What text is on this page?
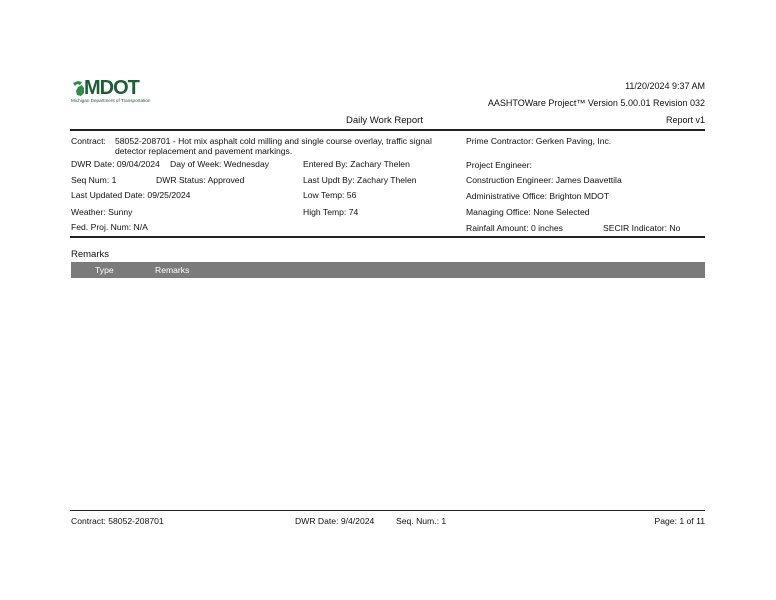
MDOT
Michigan Department of Transportation
11/20/2024 9:37 AM
AASHTOWare Project™ Version 5.00.01 Revision 032
Daily Work Report	Report v1
Contract: 58052-208701 - Hot mix asphalt cold milling and single course overlay, traffic signal
detector replacement and pavement markings.
Prime Contractor: Gerken Paving, Inc.
DWR Date: 09/04/2024 Day of Week: Wednesday	Entered By: Zachary Thelen	Project Engineer:
Seq Num: 1	DWR Status: Approved	Last Updt By: Zachary Thelen	Construction Engineer: James Daavettila
Last Updated Date: 09/25/2024	Low Temp: 56	Administrative Office: Brighton MDOT
Weather: Sunny	High Temp: 74	Managing Office: None Selected
Fed. Proj. Num: N/A	Rainfall Amount: 0 inches	SECIR Indicator: No
Remarks
Type	Remarks
Contract: 58052-208701	DWR Date: 9/4/2024	Seq. Num.: 1	Page: 1 of 11
